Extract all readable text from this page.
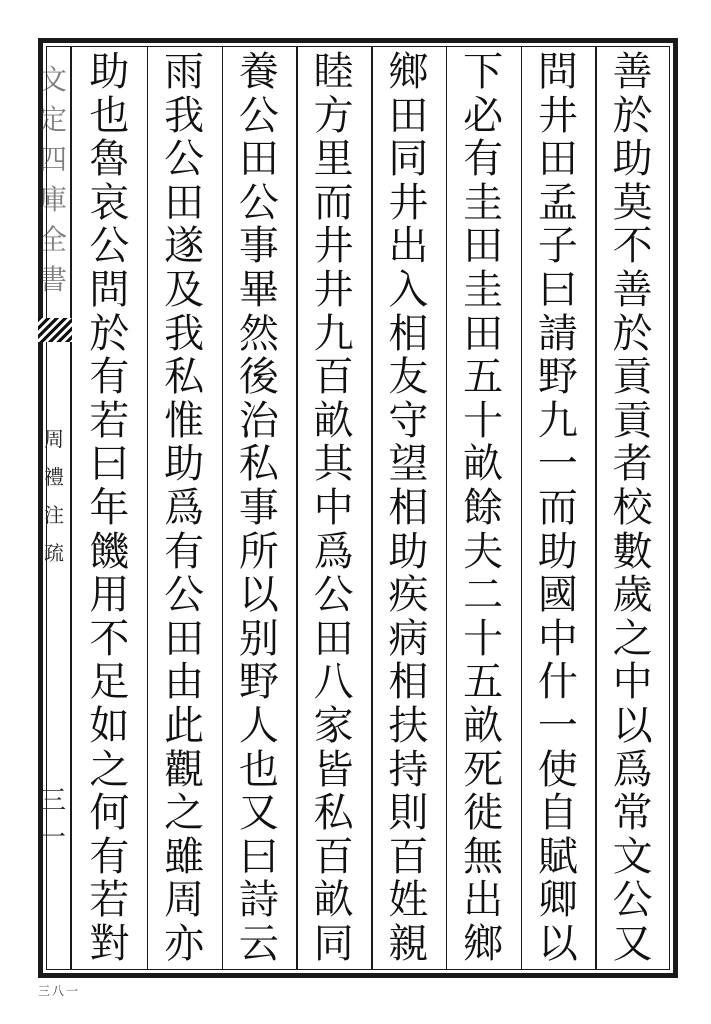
文
定
四
庫
全
書
周
禮
注
疏
三一
三八一
善
於
助
莫
不
善
於
貢
貢
者
校
數
歲
之
中
以
爲
常
文
公
又
問
井
田
孟
子
曰
請
野
九
一
而
助
國
中
什
一
使
自
賦
卿
以
下
必
有
圭
田
圭
田
五
十
畝
餘
夫
二
十
五
畝
死
徙
無
出
鄉
鄉
田
同
井
出
入
相
友
守
望
相
助
疾
病
相
扶
持
則
百
姓
親
睦
方
里
而
井
井
九
百
畝
其
中
爲
公
田
八
家
皆
私
百
畝
同
養
公
田
公
事
畢
然
後
治
私
事
所
以
别
野
人
也
又
曰
詩
云
雨
我
公
田
遂
及
我
私
惟
助
爲
有
公
田
由
此
觀
之
雖
周
亦
助
也
魯
哀
公
問
於
有
若
曰
年
饑
用
不
足
如
之
何
有
若
對
